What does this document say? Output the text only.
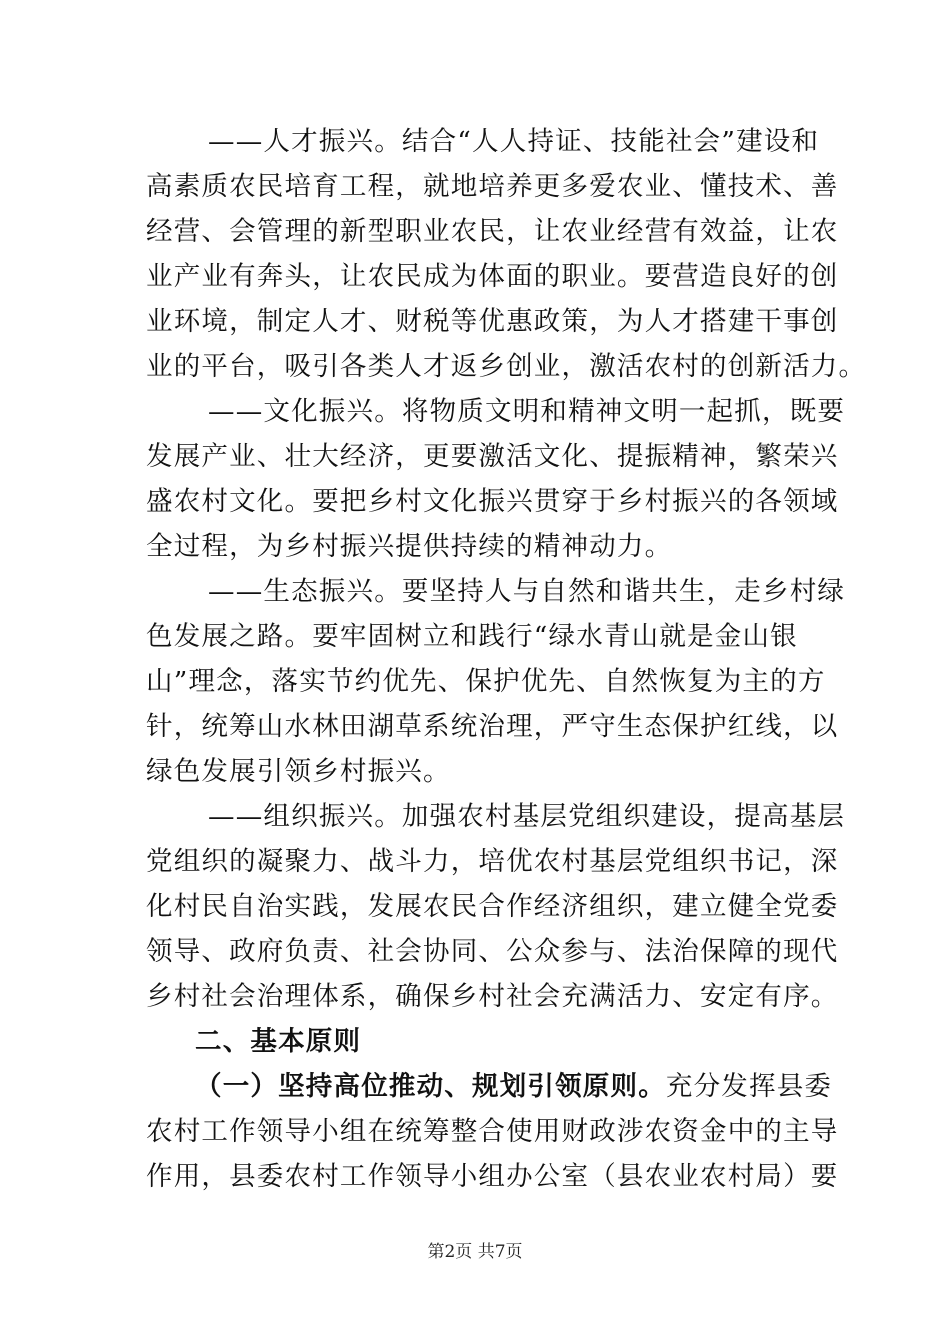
——人才振兴。结合“人人持证、技能社会”建设和
高素质农民培育工程，就地培养更多爱农业、懂技术、善
经营、会管理的新型职业农民，让农业经营有效益，让农
业产业有奔头，让农民成为体面的职业。要营造良好的创
业环境，制定人才、财税等优惠政策，为人才搭建干事创
业的平台，吸引各类人才返乡创业，激活农村的创新活力。
——文化振兴。将物质文明和精神文明一起抓，既要
发展产业、壮大经济，更要激活文化、提振精神，繁荣兴
盛农村文化。要把乡村文化振兴贯穿于乡村振兴的各领域
全过程，为乡村振兴提供持续的精神动力。
——生态振兴。要坚持人与自然和谐共生，走乡村绿
色发展之路。要牢固树立和践行“绿水青山就是金山银
山”理念，落实节约优先、保护优先、自然恢复为主的方
针，统筹山水林田湖草系统治理，严守生态保护红线，以
绿色发展引领乡村振兴。
——组织振兴。加强农村基层党组织建设，提高基层
党组织的凝聚力、战斗力，培优农村基层党组织书记，深
化村民自治实践，发展农民合作经济组织，建立健全党委
领导、政府负责、社会协同、公众参与、法治保障的现代
乡村社会治理体系，确保乡村社会充满活力、安定有序。
二、基本原则
（一）坚持高位推动、规划引领原则。充分发挥县委
农村工作领导小组在统筹整合使用财政涉农资金中的主导
作用，县委农村工作领导小组办公室（县农业农村局）要
第2页 共7页
